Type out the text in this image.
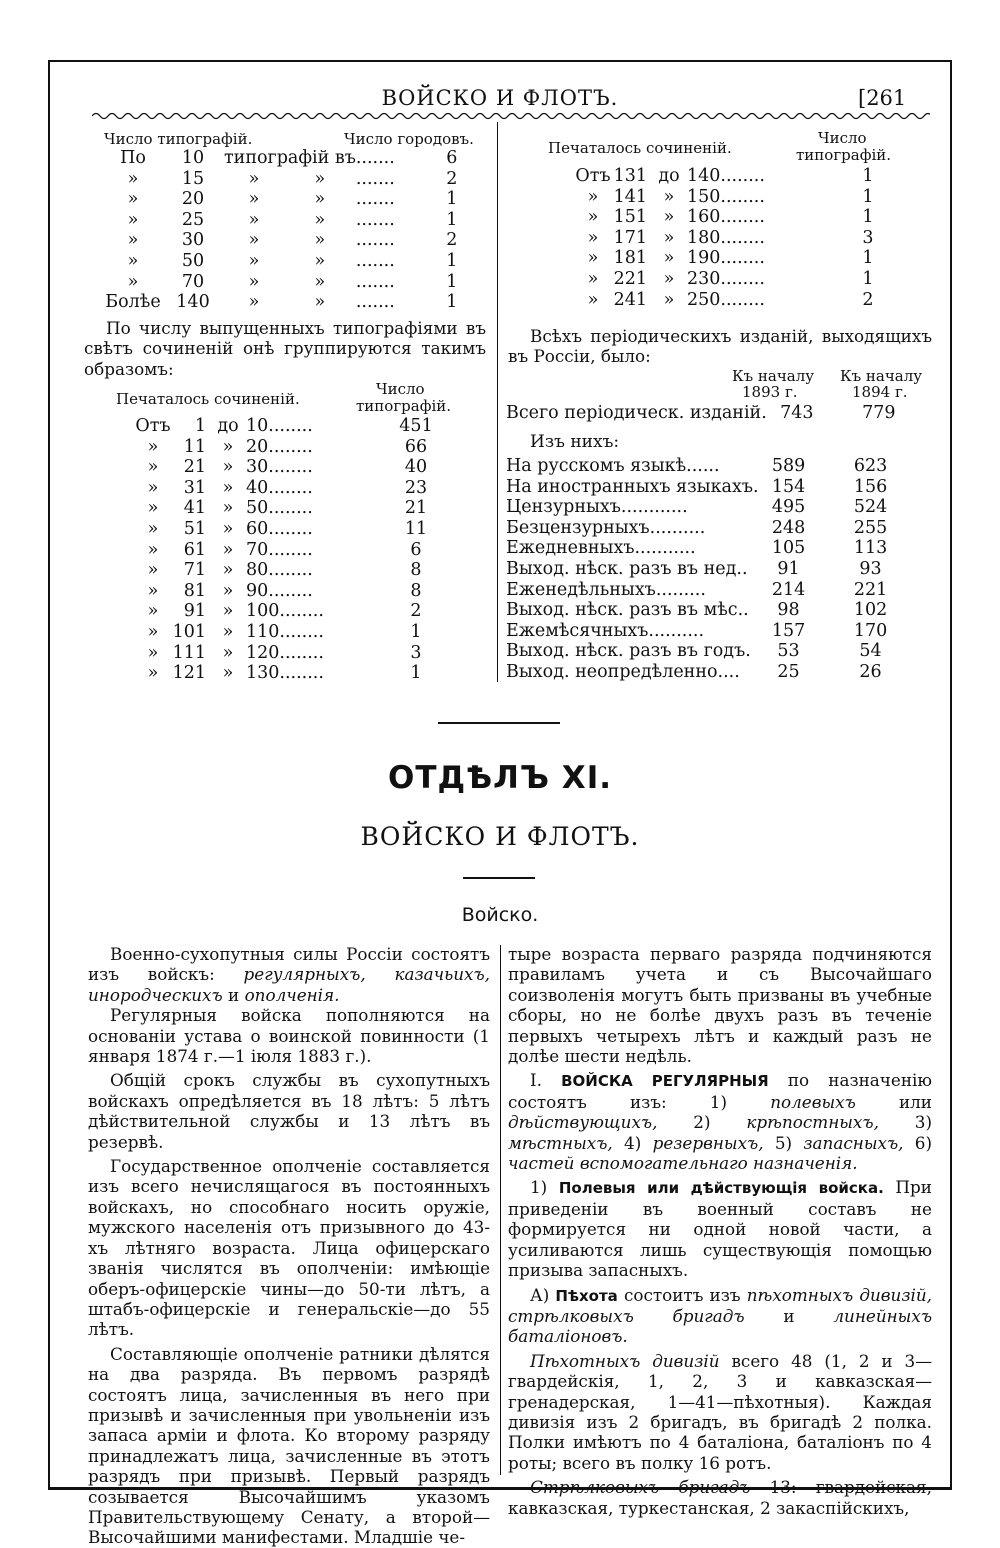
ВОЙСКО И ФЛОТЪ.	[261
Число типографій.	Число городовъ.
По	10	типографій въ		.......	6
»	15	»	»	.......	2
»	20	»	»	.......	1
»	25	»	»	.......	1
»	30	»	»	.......	2
»	50	»	»	.......	1
»	70	»	»	.......	1
Болѣе	140	»	»	.......	1

По числу выпущенныхъ типографіями въ свѣтъ сочиненій онѣ группируются такимъ образомъ:

Печаталось сочиненій.
Число
типографій.
Отъ	1	до	10........	451
»	11	»	20........	66
»	21	»	30........	40
»	31	»	40........	23
»	41	»	50........	21
»	51	»	60........	11
»	61	»	70........	6
»	71	»	80........	8
»	81	»	90........	8
»	91	»	100........	2
»	101	»	110........	1
»	111	»	120........	3
»	121	»	130........	1
Печаталось сочиненій.
Число
типографій.
Отъ	131	до	140........	1
»	141	»	150........	1
»	151	»	160........	1
»	171	»	180........	3
»	181	»	190........	1
»	221	»	230........	1
»	241	»	250........	2

Всѣхъ періодическихъ изданій, выходящихъ въ Россіи, было:

Къ началу
1893 г.
Къ началу
1894 г.
Всего періодическ. изданій.	743	779
Изъ нихъ:
На русскомъ языкѣ......	589	623
На иностранныхъ языкахъ.	154	156
Цензурныхъ............	495	524
Безцензурныхъ..........	248	255
Ежедневныхъ...........	105	113
Выход. нѣск. разъ въ нед..	91	93
Еженедѣльныхъ.........	214	221
Выход. нѣск. разъ въ мѣс..	98	102
Ежемѣсячныхъ..........	157	170
Выход. нѣск. разъ въ годъ.	53	54
Выход. неопредѣленно....	25	26
ОТДѢЛЪ XI.
ВОЙСКО И ФЛОТЪ.
Войско.

Военно-сухопутныя силы Россіи состоятъ изъ войскъ: регулярныхъ, казачьихъ, инородческихъ и ополченія.

Регулярныя войска пополняются на основаніи устава о воинской повинности (1 января 1874 г.—1 іюля 1883 г.).

Общій срокъ службы въ сухопутныхъ войскахъ опредѣляется въ 18 лѣтъ: 5 лѣтъ дѣйствительной службы и 13 лѣтъ въ резервѣ.

Государственное ополченіе составляется изъ всего нечислящагося въ постоянныхъ войскахъ, но способнаго носить оружіе, мужского населенія отъ призывного до 43-хъ лѣтняго возраста. Лица офицерскаго званія числятся въ ополченіи: имѣющіе оберъ-офицерскіе чины—до 50-ти лѣтъ, а штабъ-офицерскіе и генеральскіе—до 55 лѣтъ.

Составляющіе ополченіе ратники дѣлятся на два разряда. Въ первомъ разрядѣ состоятъ лица, зачисленныя въ него при призывѣ и зачисленныя при увольненіи изъ запаса арміи и флота. Ко второму разряду принадлежатъ лица, зачисленные въ этотъ разрядъ при призывѣ. Первый разрядъ созывается Высочайшимъ указомъ Правительствующему Сенату, а второй—Высочайшими манифестами. Младшіе че-

тыре возраста перваго разряда подчиняются правиламъ учета и съ Высочайшаго соизволенія могутъ быть призваны въ учебные сборы, но не болѣе двухъ разъ въ теченіе первыхъ четырехъ лѣтъ и каждый разъ не долѣе шести недѣль.

I. ВОЙСКА РЕГУЛЯРНЫЯ по назначенію состоятъ изъ: 1) полевыхъ или дѣйствующихъ, 2) крѣпостныхъ, 3) мѣстныхъ, 4) резервныхъ, 5) запасныхъ, 6) частей вспомогательнаго назначенія.

1) Полевыя или дѣйствующія войска. При приведеніи въ военный составъ не формируется ни одной новой части, а усиливаются лишь существующія помощью призыва запасныхъ.

А) Пѣхота состоитъ изъ пѣхотныхъ дивизій, стрѣлковыхъ бригадъ и линейныхъ баталіоновъ.

Пѣхотныхъ дивизій всего 48 (1, 2 и 3—гвардейскія, 1, 2, 3 и кавказская—гренадерская, 1—41—пѣхотныя). Каждая дивизія изъ 2 бригадъ, въ бригадѣ 2 полка. Полки имѣютъ по 4 баталіона, баталіонъ по 4 роты; всего въ полку 16 ротъ.

Стрѣлковыхъ бригадъ 13: гвардейская, кавказская, туркестанская, 2 закаспійскихъ,
